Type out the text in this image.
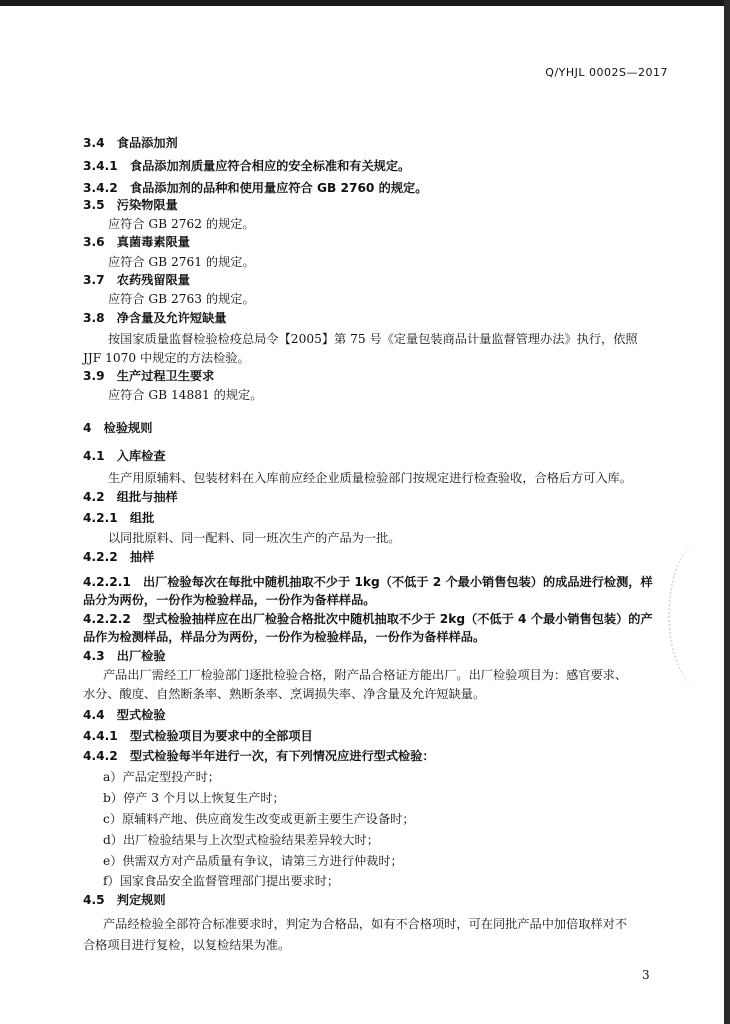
Q/YHJL 0002S—2017
3.4　食品添加剂
3.4.1　食品添加剂质量应符合相应的安全标准和有关规定。
3.4.2　食品添加剂的品种和使用量应符合 GB 2760 的规定。
3.5　污染物限量
应符合 GB 2762 的规定。
3.6　真菌毒素限量
应符合 GB 2761 的规定。
3.7　农药残留限量
应符合 GB 2763 的规定。
3.8　净含量及允许短缺量
按国家质量监督检验检疫总局令【2005】第 75 号《定量包装商品计量监督管理办法》执行，依照
JJF 1070 中规定的方法检验。
3.9　生产过程卫生要求
应符合 GB 14881 的规定。
4　检验规则
4.1　入库检查
生产用原辅料、包装材料在入库前应经企业质量检验部门按规定进行检查验收，合格后方可入库。
4.2　组批与抽样
4.2.1　组批
以同批原料、同一配料、同一班次生产的产品为一批。
4.2.2　抽样
4.2.2.1　出厂检验每次在每批中随机抽取不少于 1kg（不低于 2 个最小销售包装）的成品进行检测，样
品分为两份，一份作为检验样品，一份作为备样样品。
4.2.2.2　型式检验抽样应在出厂检验合格批次中随机抽取不少于 2kg（不低于 4 个最小销售包装）的产
品作为检测样品，样品分为两份，一份作为检验样品，一份作为备样样品。
4.3　出厂检验
产品出厂需经工厂检验部门逐批检验合格，附产品合格证方能出厂。出厂检验项目为：感官要求、
水分、酸度、自然断条率、熟断条率、烹调损失率、净含量及允许短缺量。
4.4　型式检验
4.4.1　型式检验项目为要求中的全部项目
4.4.2　型式检验每半年进行一次，有下列情况应进行型式检验：
a）产品定型投产时；
b）停产 3 个月以上恢复生产时；
c）原辅料产地、供应商发生改变或更新主要生产设备时；
d）出厂检验结果与上次型式检验结果差异较大时；
e）供需双方对产品质量有争议，请第三方进行仲裁时；
f）国家食品安全监督管理部门提出要求时；
4.5　判定规则
产品经检验全部符合标准要求时，判定为合格品，如有不合格项时，可在同批产品中加倍取样对不
合格项目进行复检，以复检结果为准。
3
